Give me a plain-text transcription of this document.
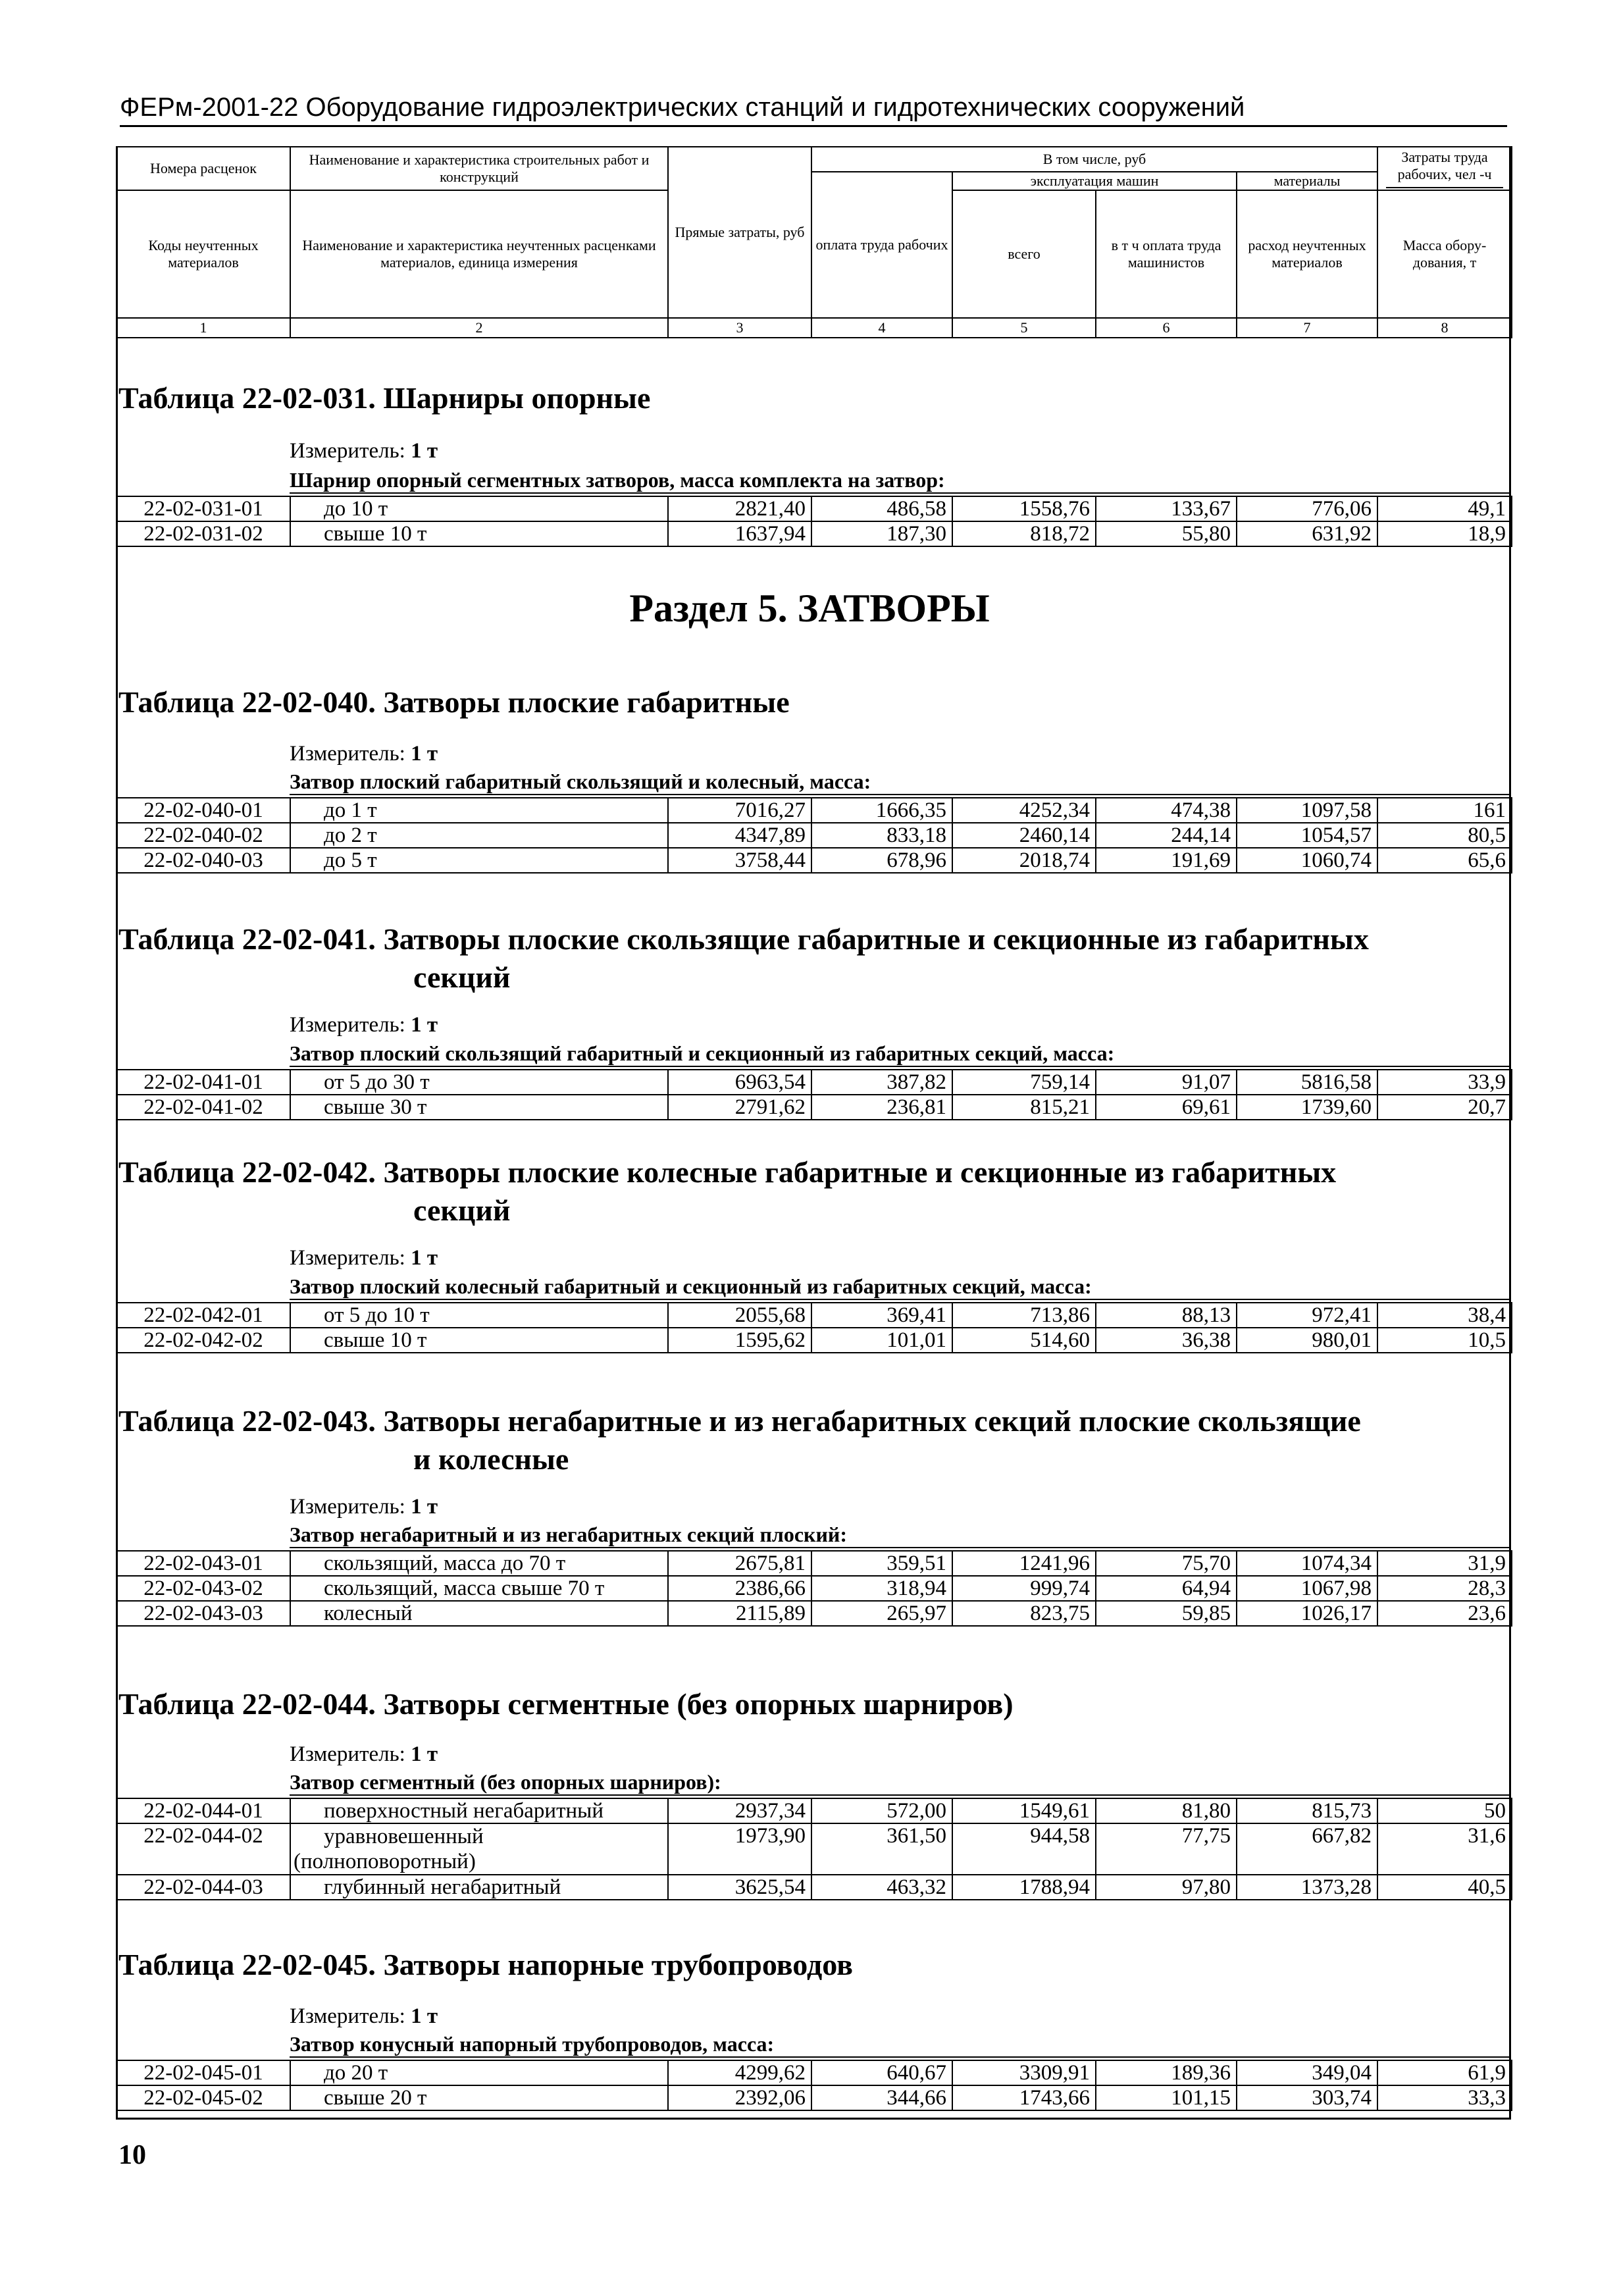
ФЕРм-2001-22 Оборудование гидроэлектрических станций и гидротехнических сооружений
Номера расценок	Наименование и характеристика строительных работ и конструкций	Прямые затраты, руб	В том числе, руб				Затраты труда рабочих, чел -ч

			оплата труда рабочих	эксплуатация машин		материалы	
Коды неучтенных материалов	Наименование и характеристика неучтенных расценками материалов, единица измерения			всего	в т ч оплата труда машинистов	расход неучтенных материалов	Масса обору-дования, т
1	2	3	4	5	6	7	8
Таблица 22-02-031. Шарниры опорные
Измеритель: 1 т
Шарнир опорный сегментных затворов, масса комплекта на затвор:
22-02-031-01	до 10 т	2821,40	486,58	1558,76	133,67	776,06	49,1
22-02-031-02	свыше 10 т	1637,94	187,30	818,72	55,80	631,92	18,9
Раздел 5. ЗАТВОРЫ
Таблица 22-02-040. Затворы плоские габаритные
Измеритель: 1 т
Затвор плоский габаритный скользящий и колесный, масса:
22-02-040-01	до 1 т	7016,27	1666,35	4252,34	474,38	1097,58	161
22-02-040-02	до 2 т	4347,89	833,18	2460,14	244,14	1054,57	80,5
22-02-040-03	до 5 т	3758,44	678,96	2018,74	191,69	1060,74	65,6
Таблица 22-02-041. Затворы плоские скользящие габаритные и секционные из габаритных
секций
Измеритель: 1 т
Затвор плоский скользящий габаритный и секционный из габаритных секций, масса:
22-02-041-01	от 5 до 30 т	6963,54	387,82	759,14	91,07	5816,58	33,9
22-02-041-02	свыше 30 т	2791,62	236,81	815,21	69,61	1739,60	20,7
Таблица 22-02-042. Затворы плоские колесные габаритные и секционные из габаритных
секций
Измеритель: 1 т
Затвор плоский колесный габаритный и секционный из габаритных секций, масса:
22-02-042-01	от 5 до 10 т	2055,68	369,41	713,86	88,13	972,41	38,4
22-02-042-02	свыше 10 т	1595,62	101,01	514,60	36,38	980,01	10,5
Таблица 22-02-043. Затворы негабаритные и из негабаритных секций плоские скользящие
и колесные
Измеритель: 1 т
Затвор негабаритный и из негабаритных секций плоский:
22-02-043-01	скользящий, масса до 70 т	2675,81	359,51	1241,96	75,70	1074,34	31,9
22-02-043-02	скользящий, масса свыше 70 т	2386,66	318,94	999,74	64,94	1067,98	28,3
22-02-043-03	колесный	2115,89	265,97	823,75	59,85	1026,17	23,6
Таблица 22-02-044. Затворы сегментные (без опорных шарниров)
Измеритель: 1 т
Затвор сегментный (без опорных шарниров):
22-02-044-01	поверхностный негабаритный	2937,34	572,00	1549,61	81,80	815,73	50
22-02-044-02	уравновешенный
(полноповоротный)	1973,90	361,50	944,58	77,75	667,82	31,6
22-02-044-03	глубинный негабаритный	3625,54	463,32	1788,94	97,80	1373,28	40,5
Таблица 22-02-045. Затворы напорные трубопроводов
Измеритель: 1 т
Затвор конусный напорный трубопроводов, масса:
22-02-045-01	до 20 т	4299,62	640,67	3309,91	189,36	349,04	61,9
22-02-045-02	свыше 20 т	2392,06	344,66	1743,66	101,15	303,74	33,3
10
